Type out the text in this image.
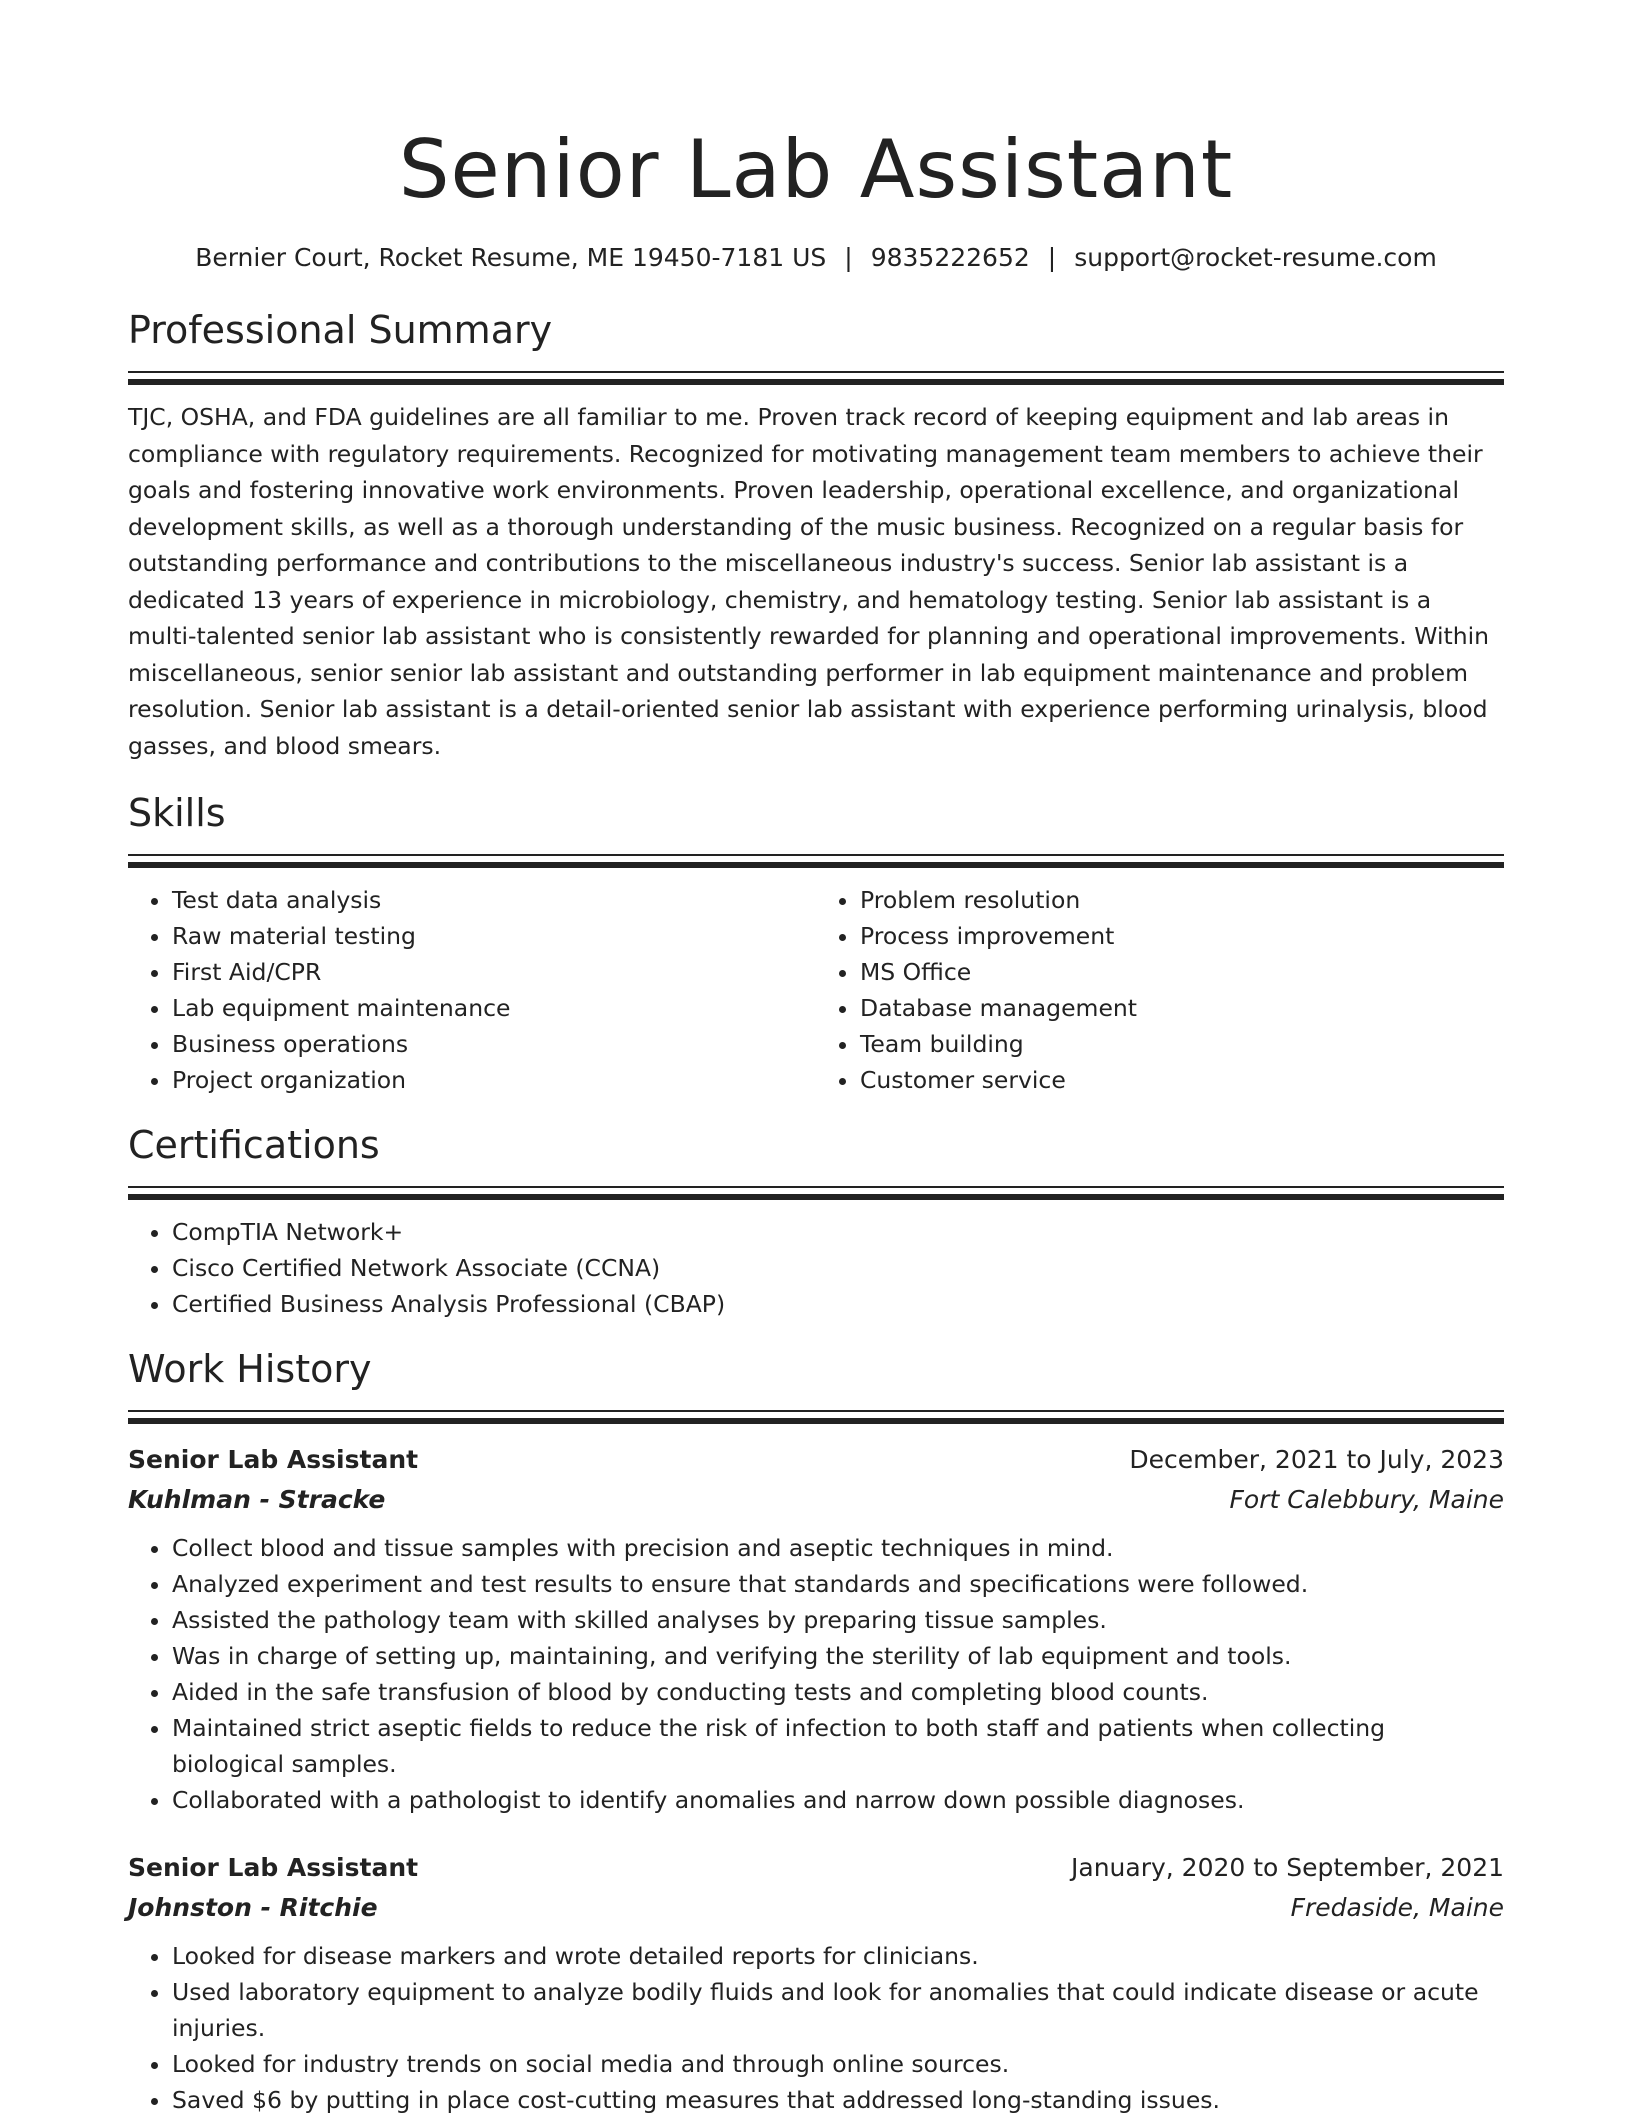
Senior Lab Assistant
Bernier Court, Rocket Resume, ME 19450-7181 US | 9835222652 | support@rocket-resume.com
Professional Summary

TJC, OSHA, and FDA guidelines are all familiar to me. Proven track record of keeping equipment and lab areas in compliance with regulatory requirements. Recognized for motivating management team members to achieve their goals and fostering innovative work environments. Proven leadership, operational excellence, and organizational development skills, as well as a thorough understanding of the music business. Recognized on a regular basis for outstanding performance and contributions to the miscellaneous industry's success. Senior lab assistant is a dedicated 13 years of experience in microbiology, chemistry, and hematology testing. Senior lab assistant is a multi-talented senior lab assistant who is consistently rewarded for planning and operational improvements. Within miscellaneous, senior senior lab assistant and outstanding performer in lab equipment maintenance and problem resolution. Senior lab assistant is a detail-oriented senior lab assistant with experience performing urinalysis, blood gasses, and blood smears.

Skills
• Test data analysis
• Raw material testing
• First Aid/CPR
• Lab equipment maintenance
• Business operations
• Project organization
• Problem resolution
• Process improvement
• MS Office
• Database management
• Team building
• Customer service
Certifications
• CompTIA Network+
• Cisco Certified Network Associate (CCNA)
• Certified Business Analysis Professional (CBAP)
Work History
Senior Lab Assistant	December, 2021 to July, 2023
Kuhlman - Stracke	Fort Calebbury, Maine
• Collect blood and tissue samples with precision and aseptic techniques in mind.
• Analyzed experiment and test results to ensure that standards and specifications were followed.
• Assisted the pathology team with skilled analyses by preparing tissue samples.
• Was in charge of setting up, maintaining, and verifying the sterility of lab equipment and tools.
• Aided in the safe transfusion of blood by conducting tests and completing blood counts.
• Maintained strict aseptic fields to reduce the risk of infection to both staff and patients when collecting biological samples.
• Collaborated with a pathologist to identify anomalies and narrow down possible diagnoses.
Senior Lab Assistant	January, 2020 to September, 2021
Johnston - Ritchie	Fredaside, Maine
• Looked for disease markers and wrote detailed reports for clinicians.
• Used laboratory equipment to analyze bodily fluids and look for anomalies that could indicate disease or acute injuries.
• Looked for industry trends on social media and through online sources.
• Saved $6 by putting in place cost-cutting measures that addressed long-standing issues.
